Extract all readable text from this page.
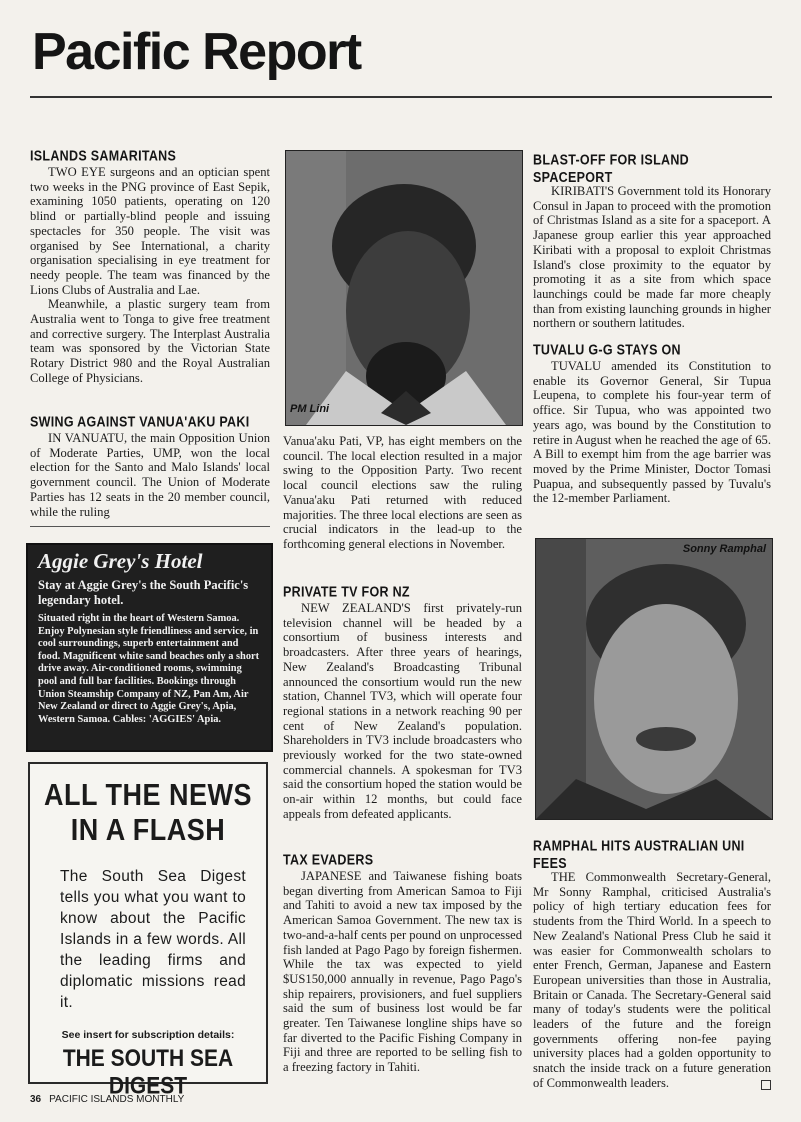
Pacific Report
ISLANDS SAMARITANS

TWO EYE surgeons and an optician spent two weeks in the PNG province of East Sepik, examining 1050 patients, operating on 120 blind or partially-blind people and issuing spectacles for 350 people. The visit was organised by See International, a charity organisation specialising in eye treatment for needy people. The team was financed by the Lions Clubs of Australia and Lae.

Meanwhile, a plastic surgery team from Australia went to Tonga to give free treatment and corrective surgery. The Interplast Australia team was sponsored by the Victorian State Rotary District 980 and the Royal Australian College of Physicians.

SWING AGAINST VANUA'AKU PAKI

IN VANUATU, the main Opposition Union of Moderate Parties, UMP, won the local election for the Santo and Malo Islands' local government council. The Union of Moderate Parties has 12 seats in the 20 member council, while the ruling

Aggie Grey's Hotel
Stay at Aggie Grey's the South Pacific's legendary hotel.
Situated right in the heart of Western Samoa. Enjoy Polynesian style friendliness and service, in cool surroundings, superb entertainment and food. Magnificent white sand beaches only a short drive away. Air-conditioned rooms, swimming pool and full bar facilities. Bookings through Union Steamship Company of NZ, Pan Am, Air New Zealand or direct to Aggie Grey's, Apia, Western Samoa. Cables: 'AGGIES' Apia.
ALL THE NEWS
IN A FLASH
The South Sea Digest tells you what you want to know about the Pacific Islands in a few words. All the leading firms and diplomatic missions read it.
See insert for subscription details:
THE SOUTH SEA DIGEST
PM Lini

Vanua'aku Pati, VP, has eight members on the council. The local election resulted in a major swing to the Opposition Party. Two recent local council elections saw the ruling Vanua'aku Pati returned with reduced majorities. The three local elections are seen as crucial indicators in the lead-up to the forthcoming general elections in November.

PRIVATE TV FOR NZ

NEW ZEALAND'S first privately-run television channel will be headed by a consortium of business interests and broadcasters. After three years of hearings, New Zealand's Broadcasting Tribunal announced the consortium would run the new station, Channel TV3, which will operate four regional stations in a network reaching 90 per cent of New Zealand's population. Shareholders in TV3 include broadcasters who previously worked for the two state-owned commercial channels. A spokesman for TV3 said the consortium hoped the station would be on-air within 12 months, but could face appeals from defeated applicants.

TAX EVADERS

JAPANESE and Taiwanese fishing boats began diverting from American Samoa to Fiji and Tahiti to avoid a new tax imposed by the American Samoa Government. The new tax is two-and-a-half cents per pound on unprocessed fish landed at Pago Pago by foreign fishermen. While the tax was expected to yield $US150,000 annually in revenue, Pago Pago's ship repairers, provisioners, and fuel suppliers said the sum of business lost would be far greater. Ten Taiwanese longline ships have so far diverted to the Pacific Fishing Company in Fiji and three are reported to be selling fish to a freezing factory in Tahiti.

BLAST-OFF FOR ISLAND SPACEPORT

KIRIBATI'S Government told its Honorary Consul in Japan to proceed with the promotion of Christmas Island as a site for a spaceport. A Japanese group earlier this year approached Kiribati with a proposal to exploit Christmas Island's close proximity to the equator by promoting it as a site from which space launchings could be made far more cheaply than from existing launching grounds in higher northern or southern latitudes.

TUVALU G-G STAYS ON

TUVALU amended its Constitution to enable its Governor General, Sir Tupua Leupena, to complete his four-year term of office. Sir Tupua, who was appointed two years ago, was bound by the Constitution to retire in August when he reached the age of 65. A Bill to exempt him from the age barrier was moved by the Prime Minister, Doctor Tomasi Puapua, and subsequently passed by Tuvalu's the 12-member Parliament.

Sonny Ramphal
RAMPHAL HITS AUSTRALIAN UNI FEES

THE Commonwealth Secretary-General, Mr Sonny Ramphal, criticised Australia's policy of high tertiary education fees for students from the Third World. In a speech to New Zealand's National Press Club he said it was easier for Commonwealth scholars to enter French, German, Japanese and Eastern European universities than those in Australia, Britain or Canada. The Secretary-General said many of today's students were the political leaders of the future and the foreign governments offering non-fee paying university places had a golden opportunity to snatch the inside track on a future generation of Commonwealth leaders.

36 PACIFIC ISLANDS MONTHLY
